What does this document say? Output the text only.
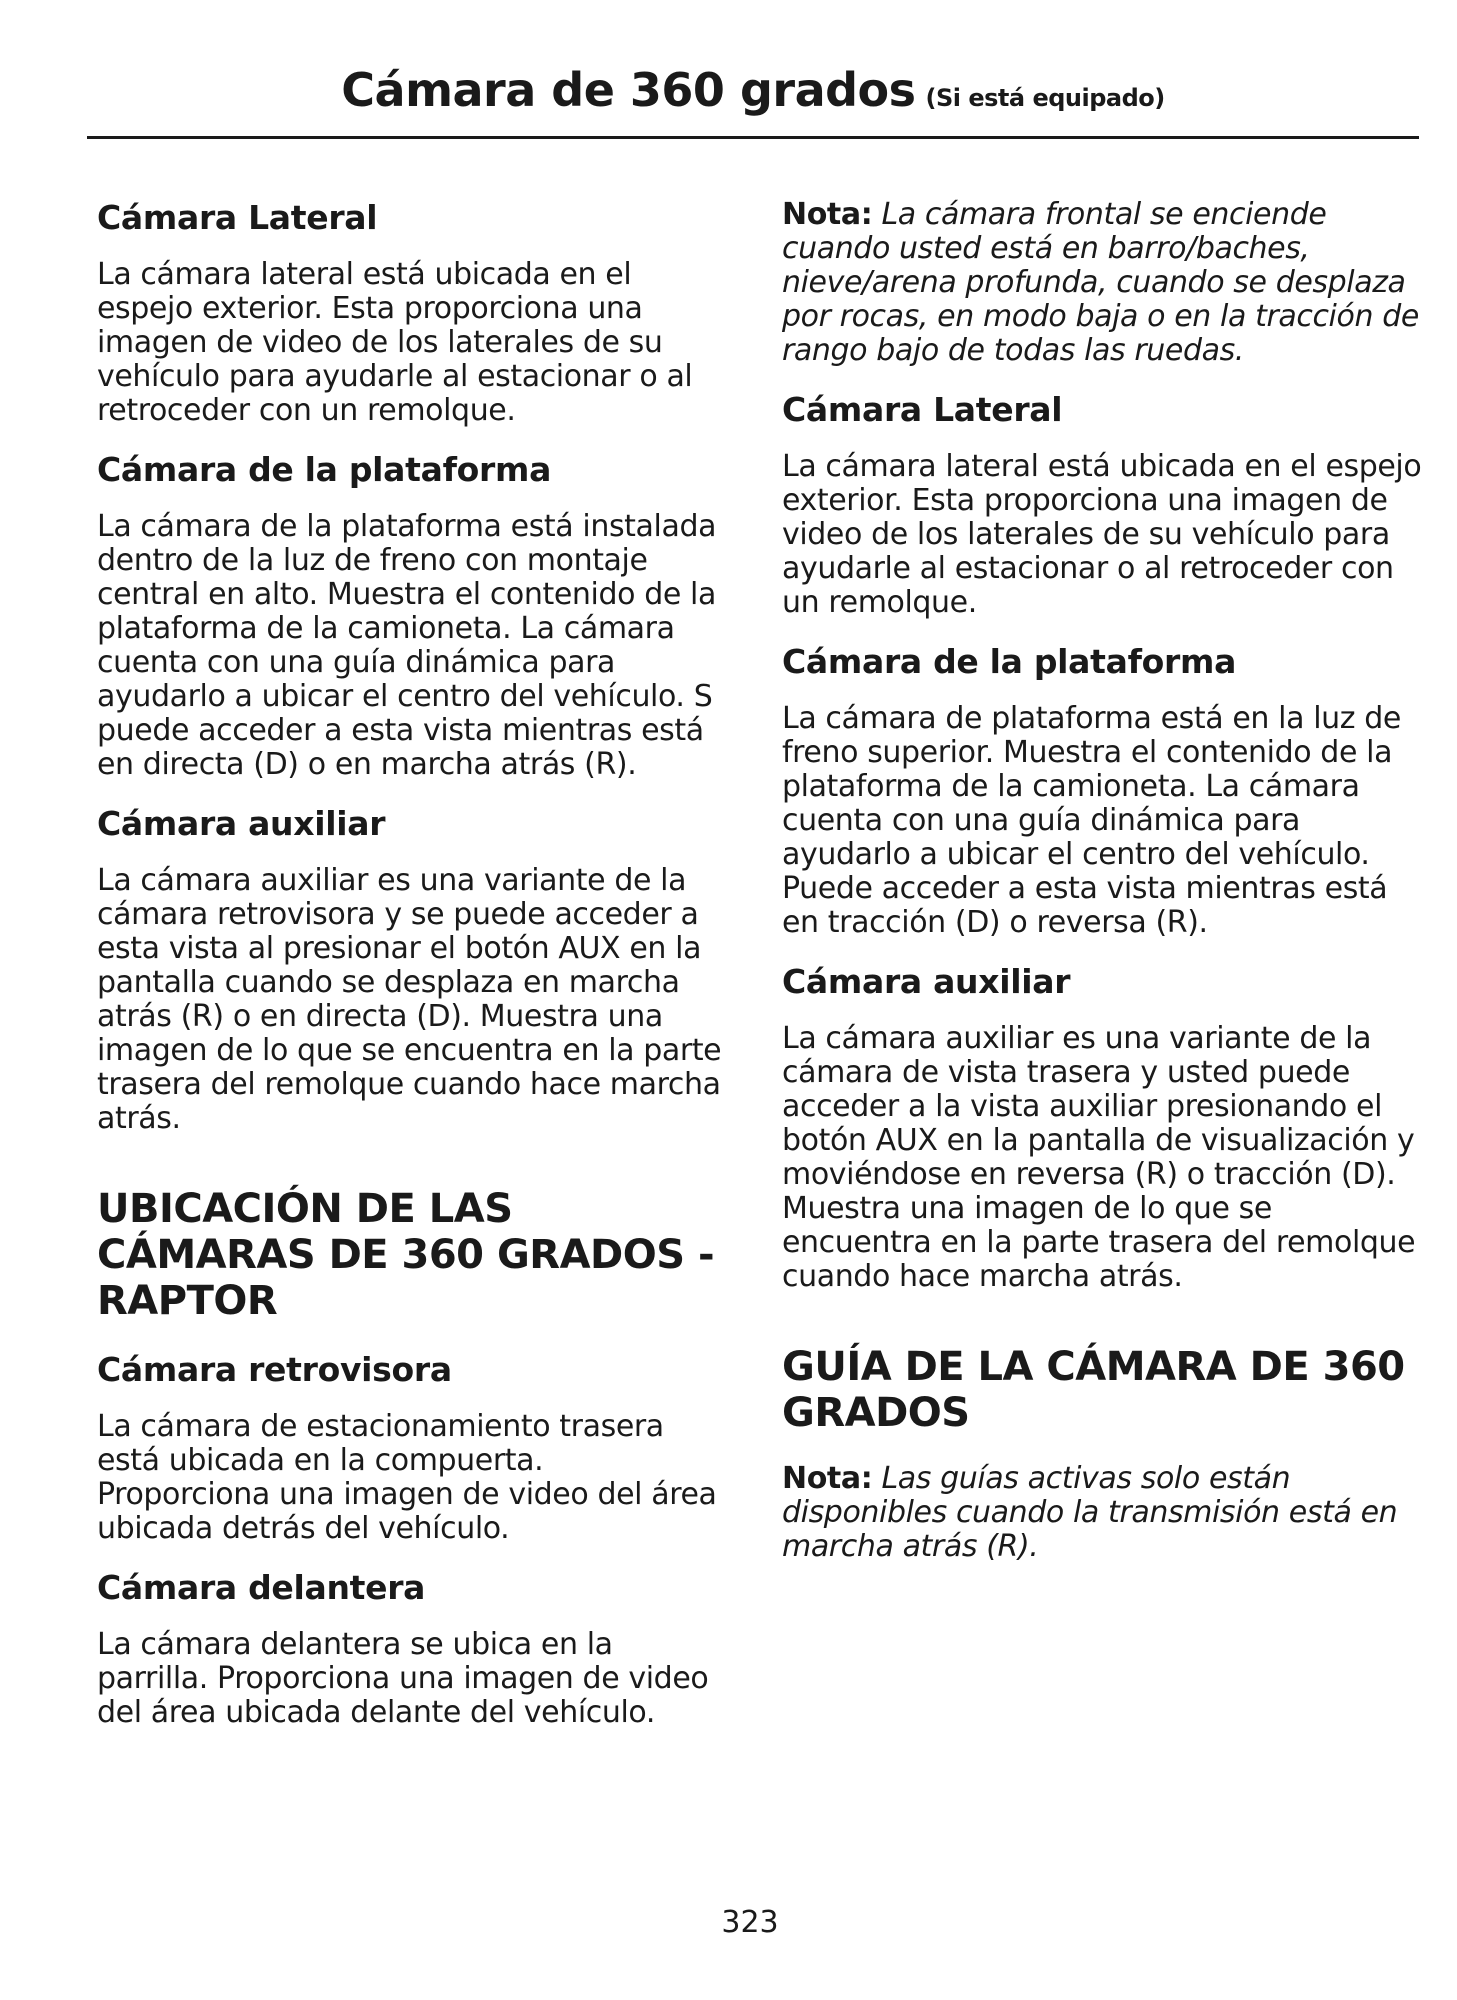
Cámara de 360 grados (Si está equipado)
Cámara Lateral

La cámara lateral está ubicada en el espejo exterior. Esta proporciona una imagen de video de los laterales de su vehículo para ayudarle al estacionar o al retroceder con un remolque.

Cámara de la plataforma

La cámara de la plataforma está instalada dentro de la luz de freno con montaje central en alto. Muestra el contenido de la plataforma de la camioneta. La cámara cuenta con una guía dinámica para ayudarlo a ubicar el centro del vehículo. S puede acceder a esta vista mientras está en directa (D) o en marcha atrás (R).

Cámara auxiliar

La cámara auxiliar es una variante de la cámara retrovisora y se puede acceder a esta vista al presionar el botón AUX en la pantalla cuando se desplaza en marcha atrás (R) o en directa (D). Muestra una imagen de lo que se encuentra en la parte trasera del remolque cuando hace marcha atrás.

UBICACIÓN DE LAS CÁMARAS DE 360 GRADOS - RAPTOR
Cámara retrovisora

La cámara de estacionamiento trasera está ubicada en la compuerta. Proporciona una imagen de video del área ubicada detrás del vehículo.

Cámara delantera

La cámara delantera se ubica en la parrilla. Proporciona una imagen de video del área ubicada delante del vehículo.

Nota: La cámara frontal se enciende cuando usted está en barro/baches, nieve/arena profunda, cuando se desplaza por rocas, en modo baja o en la tracción de rango bajo de todas las ruedas.

Cámara Lateral

La cámara lateral está ubicada en el espejo exterior. Esta proporciona una imagen de video de los laterales de su vehículo para ayudarle al estacionar o al retroceder con un remolque.

Cámara de la plataforma

La cámara de plataforma está en la luz de freno superior. Muestra el contenido de la plataforma de la camioneta. La cámara cuenta con una guía dinámica para ayudarlo a ubicar el centro del vehículo. Puede acceder a esta vista mientras está en tracción (D) o reversa (R).

Cámara auxiliar

La cámara auxiliar es una variante de la cámara de vista trasera y usted puede acceder a la vista auxiliar presionando el botón AUX en la pantalla de visualización y moviéndose en reversa (R) o tracción (D). Muestra una imagen de lo que se encuentra en la parte trasera del remolque cuando hace marcha atrás.

GUÍA DE LA CÁMARA DE 360 GRADOS

Nota: Las guías activas solo están disponibles cuando la transmisión está en marcha atrás (R).

323
